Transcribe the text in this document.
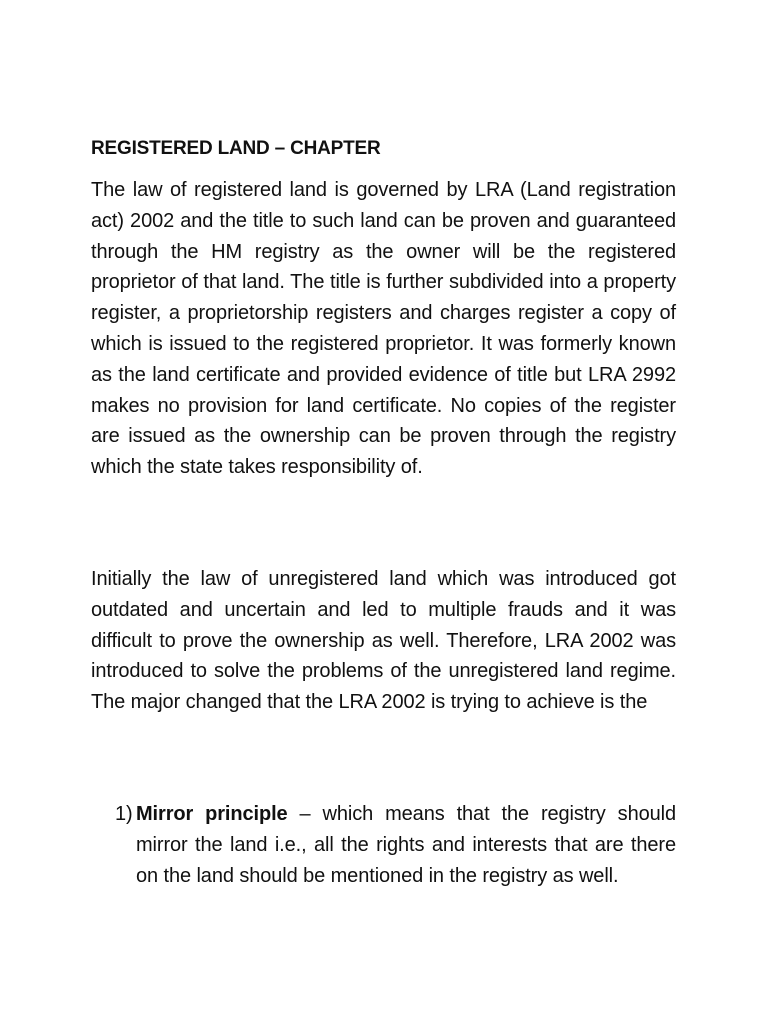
REGISTERED LAND – CHAPTER

The law of registered land is governed by LRA (Land registration act) 2002 and the title to such land can be proven and guaranteed through the HM registry as the owner will be the registered proprietor of that land. The title is further subdivided into a property register, a proprietorship registers and charges register a copy of which is issued to the registered proprietor. It was formerly known as the land certificate and provided evidence of title but LRA 2992 makes no provision for land certificate. No copies of the register are issued as the ownership can be proven through the registry which the state takes responsibility of.

Initially the law of unregistered land which was introduced got outdated and uncertain and led to multiple frauds and it was difficult to prove the ownership as well. Therefore, LRA 2002 was introduced to solve the problems of the unregistered land regime. The major changed that the LRA 2002 is trying to achieve is the

1) Mirror principle – which means that the registry should mirror the land i.e., all the rights and interests that are there on the land should be mentioned in the registry as well.
